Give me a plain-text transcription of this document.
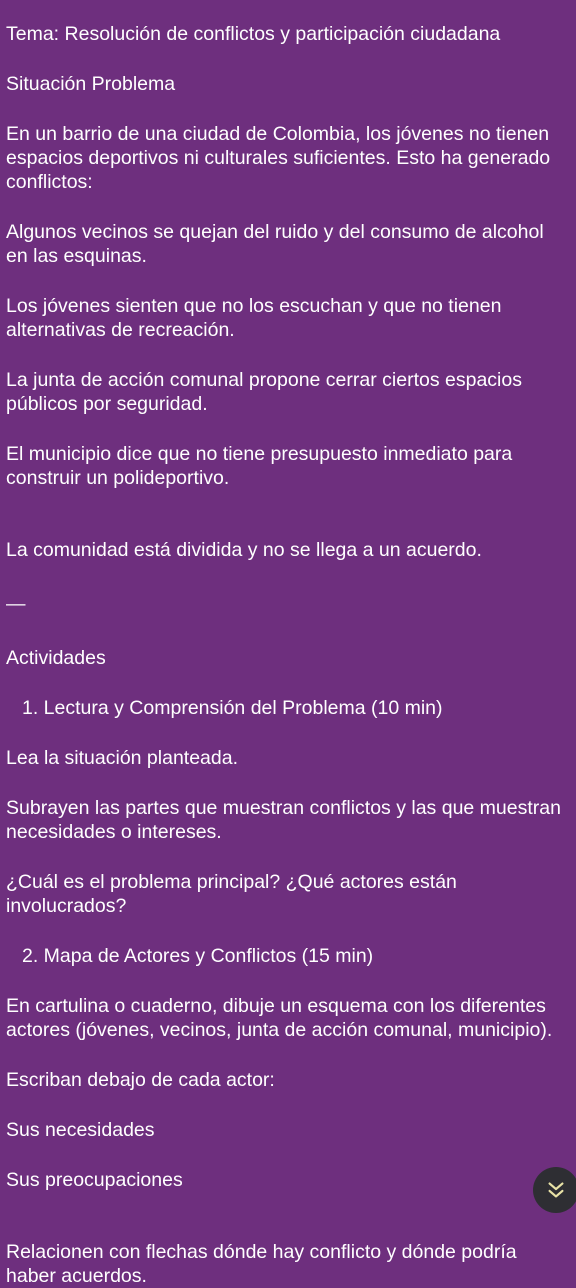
Tema: Resolución de conflictos y participación ciudadana

Situación Problema

En un barrio de una ciudad de Colombia, los jóvenes no tienen espacios deportivos ni culturales suficientes. Esto ha generado conflictos:

Algunos vecinos se quejan del ruido y del consumo de alcohol en las esquinas.

Los jóvenes sienten que no los escuchan y que no tienen alternativas de recreación.

La junta de acción comunal propone cerrar ciertos espacios públicos por seguridad.

El municipio dice que no tiene presupuesto inmediato para construir un polideportivo.

La comunidad está dividida y no se llega a un acuerdo.

—

Actividades

1. Lectura y Comprensión del Problema (10 min)

Lea la situación planteada.

Subrayen las partes que muestran conflictos y las que muestran necesidades o intereses.

¿Cuál es el problema principal? ¿Qué actores están involucrados?

2. Mapa de Actores y Conflictos (15 min)

En cartulina o cuaderno, dibuje un esquema con los diferentes actores (jóvenes, vecinos, junta de acción comunal, municipio).

Escriban debajo de cada actor:

Sus necesidades

Sus preocupaciones

Relacionen con flechas dónde hay conflicto y dónde podría haber acuerdos.
